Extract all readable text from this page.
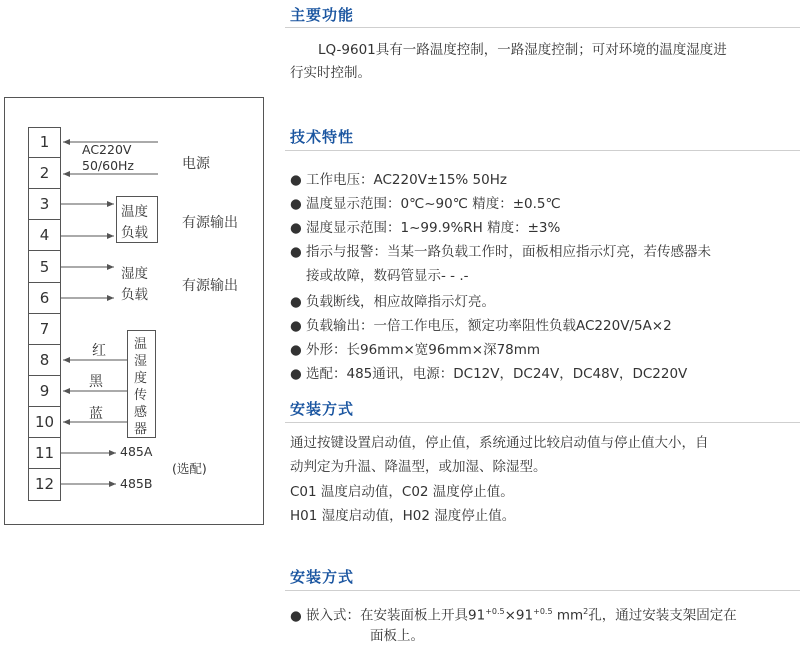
主要功能
LQ-9601具有一路温度控制，一路湿度控制；可对环境的温度湿度进
行实时控制。
技术特性
● 工作电压：AC220V±15% 50Hz
● 温度显示范围：0℃~90℃ 精度：±0.5℃
● 湿度显示范围：1~99.9%RH 精度：±3%
● 指示与报警：当某一路负载工作时，面板相应指示灯亮，若传感器未
接或故障，数码管显示- - .-
● 负载断线，相应故障指示灯亮。
● 负载输出：一倍工作电压，额定功率阻性负载AC220V/5A×2
● 外形：长96mm×宽96mm×深78mm
● 选配：485通讯，电源：DC12V，DC24V，DC48V，DC220V
安装方式
通过按键设置启动值，停止值，系统通过比较启动值与停止值大小，自
动判定为升温、降温型，或加湿、除湿型。
C01 温度启动值，C02 温度停止值。
H01 湿度启动值，H02 湿度停止值。
安装方式
● 嵌入式：在安装面板上开具$91^{+0.5}\times 91^{+0.5}$ $mm^2$孔，通过安装支架固定在
面板上。
1
2
3
4
5
6
7
8
9
10
11
12
AC220V
50/60Hz	电源
温度
负载
有源输出
湿度
负载
有源输出
红
黑
蓝
温
湿
度
传
感
器
485A
485B
(选配)
